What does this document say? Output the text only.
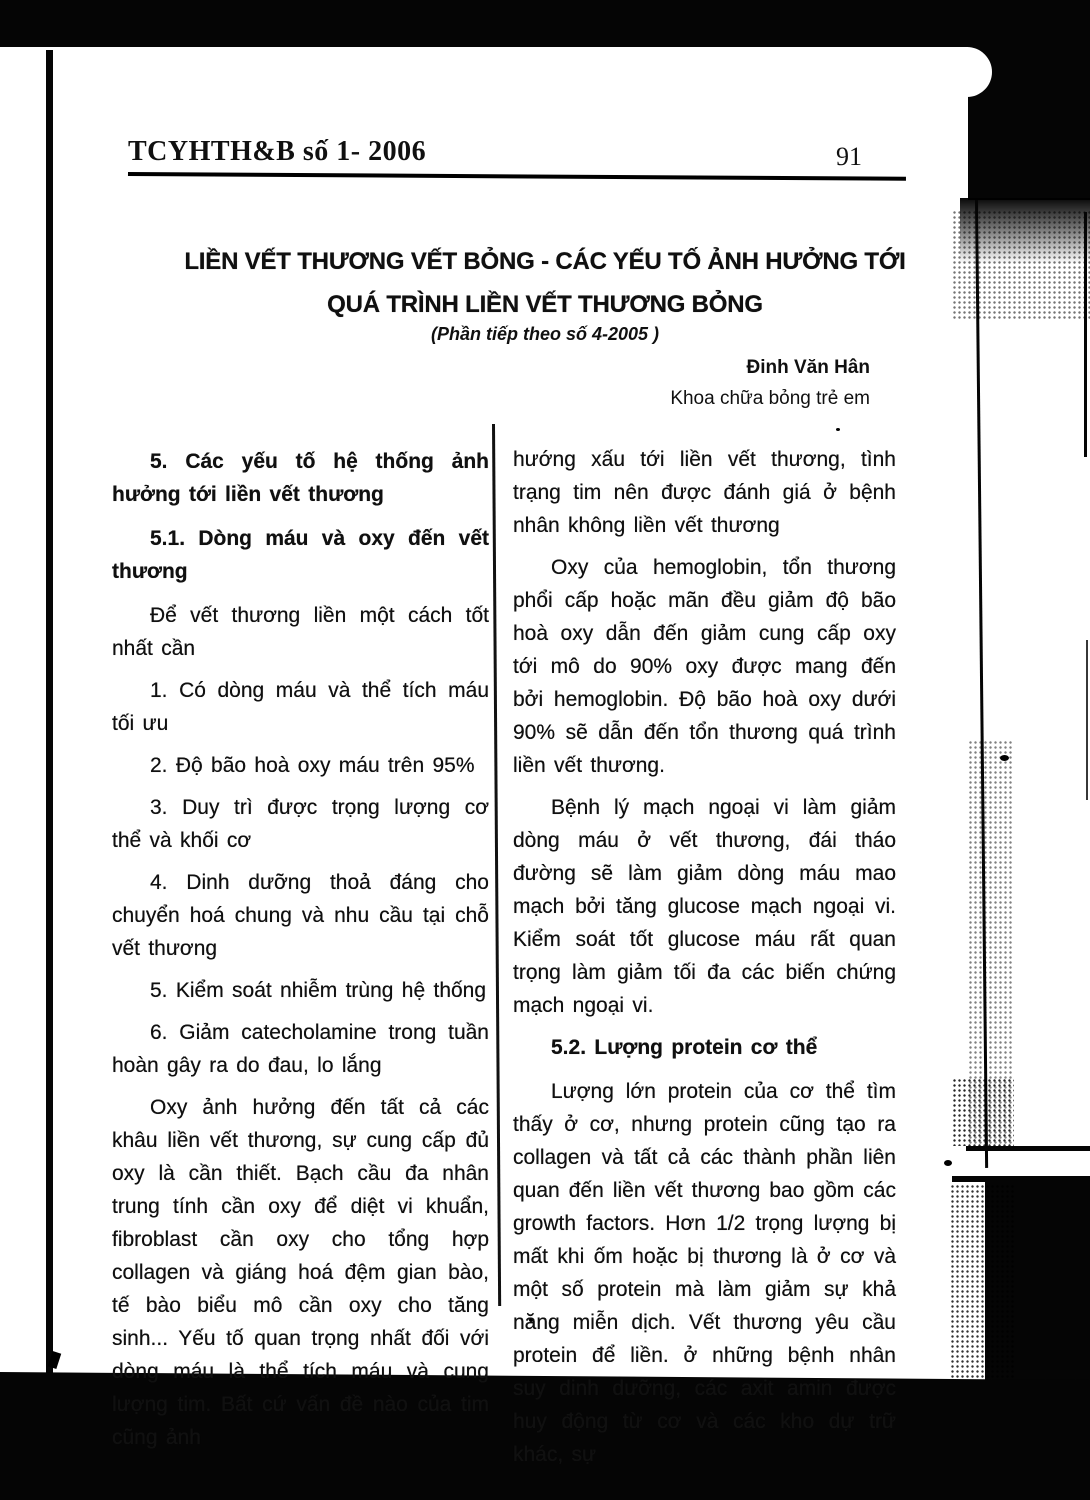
TCYHTH&B số 1- 2006	91
LIỀN VẾT THƯƠNG VẾT BỎNG - CÁC YẾU TỐ ẢNH HƯỞNG TỚI
QUÁ TRÌNH LIỀN VẾT THƯƠNG BỎNG
(Phần tiếp theo số 4-2005 )
Đinh Văn Hân
Khoa chữa bỏng trẻ em

5. Các yếu tố hệ thống ảnh hưởng tới liền vết thương

5.1. Dòng máu và oxy đến vết thương

Để vết thương liền một cách tốt nhất cần

1. Có dòng máu và thể tích máu tối ưu

2. Độ bão hoà oxy máu trên 95%

3. Duy trì được trọng lượng cơ thể và khối cơ

4. Dinh dưỡng thoả đáng cho chuyển hoá chung và nhu cầu tại chỗ vết thương

5. Kiểm soát nhiễm trùng hệ thống

6. Giảm catecholamine trong tuần hoàn gây ra do đau, lo lắng

Oxy ảnh hưởng đến tất cả các khâu liền vết thương, sự cung cấp đủ oxy là cần thiết. Bạch cầu đa nhân trung tính cần oxy để diệt vi khuẩn, fibroblast cần oxy cho tổng hợp collagen và giáng hoá đệm gian bào, tế bào biểu mô cần oxy cho tăng sinh... Yếu tố quan trọng nhất đối với dòng máu là thể tích máu và cung lượng tim. Bất cứ vấn đề nào của tim cũng ảnh

hướng xấu tới liền vết thương, tình trạng tim nên được đánh giá ở bệnh nhân không liền vết thương

Oxy của hemoglobin, tổn thương phổi cấp hoặc mãn đều giảm độ bão hoà oxy dẫn đến giảm cung cấp oxy tới mô do 90% oxy được mang đến bởi hemoglobin. Độ bão hoà oxy dưới 90% sẽ dẫn đến tổn thương quá trình liền vết thương.

Bệnh lý mạch ngoại vi làm giảm dòng máu ở vết thương, đái tháo đường sẽ làm giảm dòng máu mao mạch bởi tăng glucose mạch ngoại vi. Kiểm soát tốt glucose máu rất quan trọng làm giảm tối đa các biến chứng mạch ngoại vi.

5.2. Lượng protein cơ thể

Lượng lớn protein của cơ thể tìm thấy ở cơ, nhưng protein cũng tạo ra collagen và tất cả các thành phần liên quan đến liền vết thương bao gồm các growth factors. Hơn 1/2 trọng lượng bị mất khi ốm hoặc bị thương là ở cơ và một số protein mà làm giảm sự khả năng miễn dịch. Vết thương yêu cầu protein để liền. ở những bệnh nhân suy dinh dưỡng, các axit amin được huy động từ cơ và các kho dự trữ khác, sự
